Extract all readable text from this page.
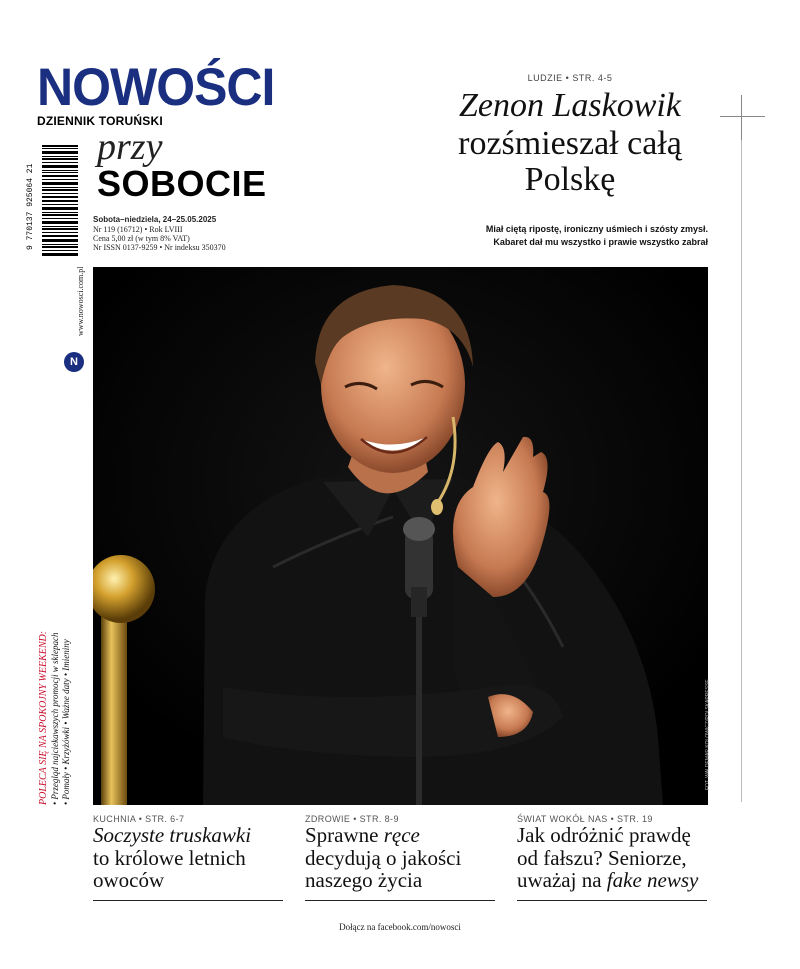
NOWOŚCI
DZIENNIK TORUŃSKI
przy
SOBOCIE
Sobota–niedziela, 24–25.05.2025
Nr 119 (16712) • Rok LVIII
Cena 5,00 zł (w tym 8% VAT)
Nr ISSN 0137-9259 • Nr indeksu 350370
9 770137 925064 21
www.nowosci.com.pl
N
POLECA SIĘ NA SPOKOJNY WEEKEND: • Przegląd najciekawszych promocji w sklepach • Pomały • Krzyżówki • Ważne daty • Imieniny
LUDZIE • STR. 4-5
Zenon Laskowik
rozśmieszał całą
Polskę
Miał ciętą ripostę, ironiczny uśmiech i szósty zmysł.
Kabaret dał mu wszystko i prawie wszystko zabrał
FOT. WALDEMAR KOLOWICZ/POLSKAPRESSE
KUCHNIA • STR. 6-7
Soczyste truskawki
to królowe letnich
owoców
ZDROWIE • STR. 8-9
Sprawne ręce
decydują o jakości
naszego życia
ŚWIAT WOKÓŁ NAS • STR. 19
Jak odróżnić prawdę
od fałszu? Seniorze,
uważaj na fake newsy
Dołącz na facebook.com/nowosci
